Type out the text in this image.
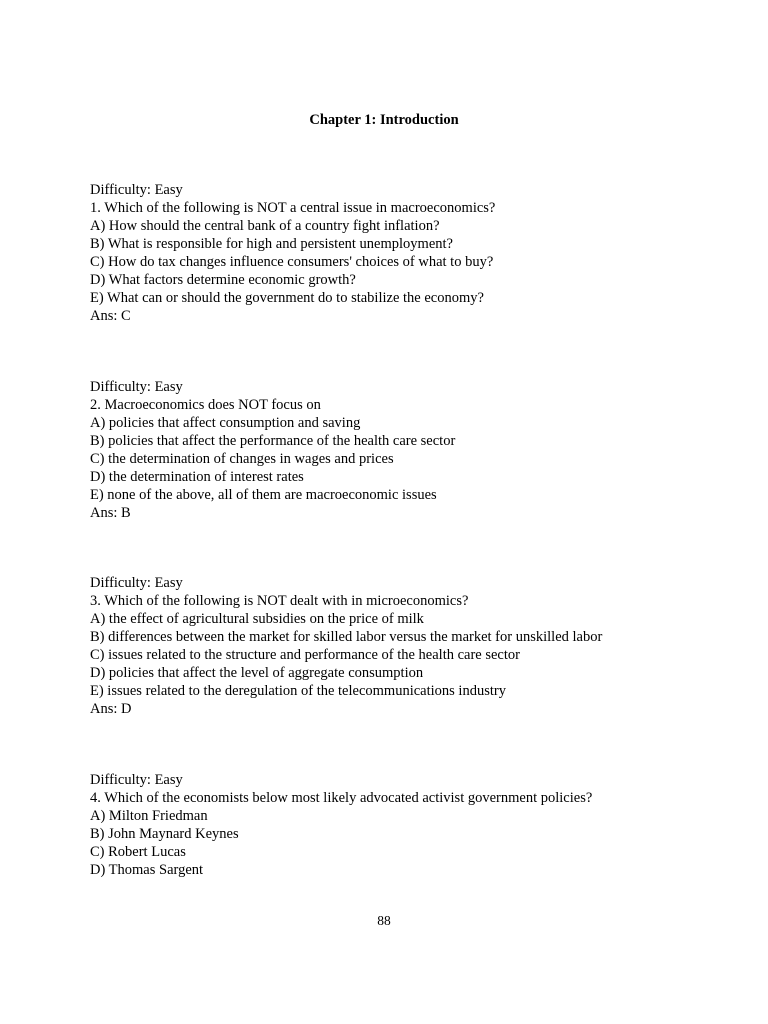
Chapter 1: Introduction
Difficulty: Easy
1. Which of the following is NOT a central issue in macroeconomics?
A) How should the central bank of a country fight inflation?
B) What is responsible for high and persistent unemployment?
C) How do tax changes influence consumers' choices of what to buy?
D) What factors determine economic growth?
E) What can or should the government do to stabilize the economy?
Ans: C
Difficulty: Easy
2. Macroeconomics does NOT focus on
A) policies that affect consumption and saving
B) policies that affect the performance of the health care sector
C) the determination of changes in wages and prices
D) the determination of interest rates
E) none of the above, all of them are macroeconomic issues
Ans: B
Difficulty: Easy
3. Which of the following is NOT dealt with in microeconomics?
A) the effect of agricultural subsidies on the price of milk
B) differences between the market for skilled labor versus the market for unskilled labor
C) issues related to the structure and performance of the health care sector
D) policies that affect the level of aggregate consumption
E) issues related to the deregulation of the telecommunications industry
Ans: D
Difficulty: Easy
4. Which of the economists below most likely advocated activist government policies?
A) Milton Friedman
B) John Maynard Keynes
C) Robert Lucas
D) Thomas Sargent
88
